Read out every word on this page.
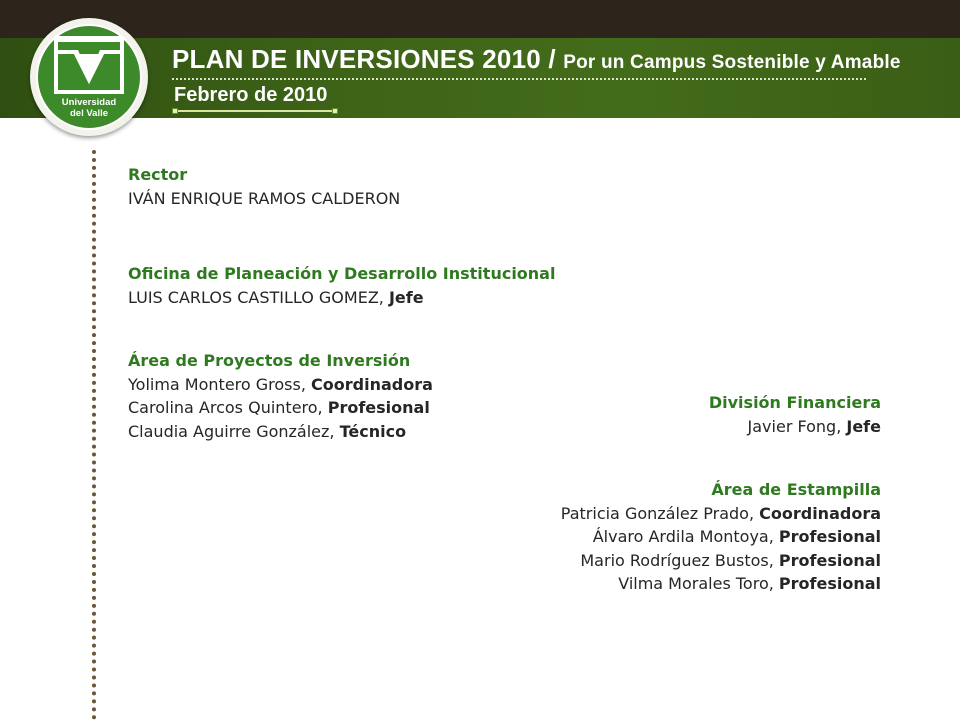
Universidad
del Valle
PLAN DE INVERSIONES 2010 / Por un Campus Sostenible y Amable
Febrero de 2010
Rector
IVÁN ENRIQUE RAMOS CALDERON
Oficina de Planeación y Desarrollo Institucional
LUIS CARLOS CASTILLO GOMEZ, Jefe
Área de Proyectos de Inversión
Yolima Montero Gross, Coordinadora
Carolina Arcos Quintero, Profesional
Claudia Aguirre González, Técnico
División Financiera
Javier Fong, Jefe
Área de Estampilla
Patricia González Prado, Coordinadora
Álvaro Ardila Montoya, Profesional
Mario Rodríguez Bustos, Profesional
Vilma Morales Toro, Profesional
